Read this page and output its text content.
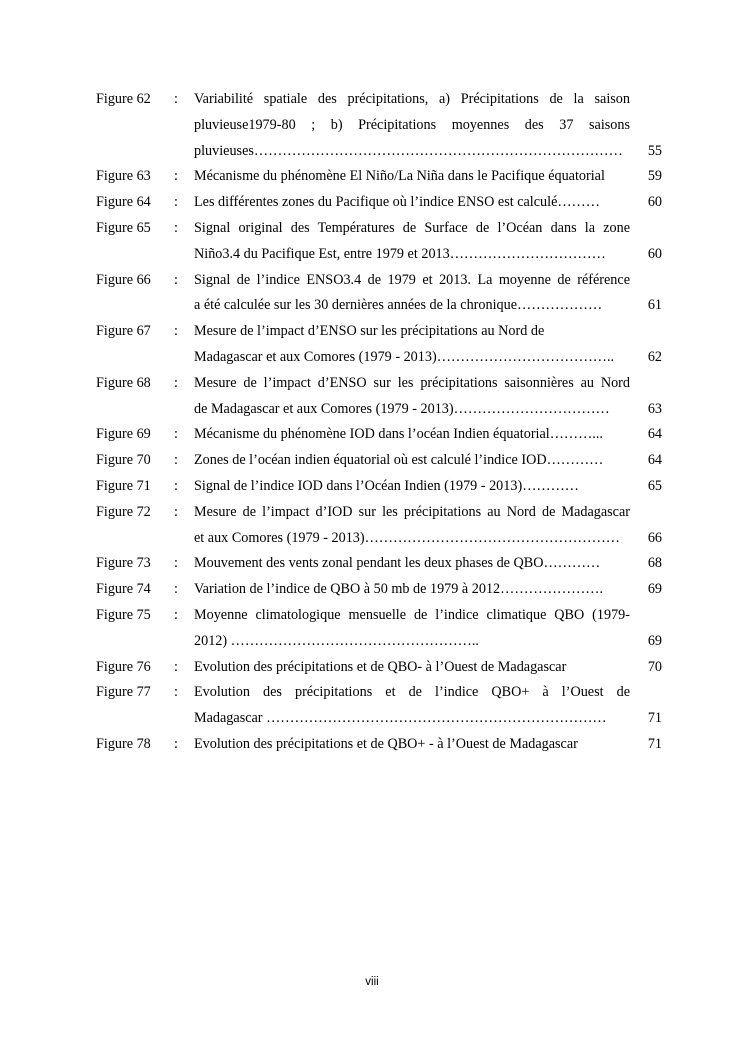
Figure 62	:	Variabilité spatiale des précipitations, a) Précipitations de la saison
pluvieuse1979-80 ; b) Précipitations moyennes des 37 saisons
pluvieuses……………………………………………………………………	55
Figure 63	:	Mécanisme du phénomène El Niño/La Niña dans le Pacifique équatorial	59
Figure 64	:	Les différentes zones du Pacifique où l’indice ENSO est calculé………	60
Figure 65	:	Signal original des Températures de Surface de l’Océan dans la zone
Niño3.4 du Pacifique Est, entre 1979 et 2013……………………………	60
Figure 66	:	Signal de l’indice ENSO3.4 de 1979 et 2013. La moyenne de référence
a été calculée sur les 30 dernières années de la chronique………………	61
Figure 67	:	Mesure de l’impact d’ENSO sur les précipitations au Nord de
Madagascar et aux Comores (1979 - 2013)………………………………..	62
Figure 68	:	Mesure de l’impact d’ENSO sur les précipitations saisonnières au Nord
de Madagascar et aux Comores (1979 - 2013)……………………………	63
Figure 69	:	Mécanisme du phénomène IOD dans l’océan Indien équatorial………...	64
Figure 70	:	Zones de l’océan indien équatorial où est calculé l’indice IOD…………	64
Figure 71	:	Signal de l’indice IOD dans l’Océan Indien (1979 - 2013)…………	65
Figure 72	:	Mesure de l’impact d’IOD sur les précipitations au Nord de Madagascar
et aux Comores (1979 - 2013)………………………………………………	66
Figure 73	:	Mouvement des vents zonal pendant les deux phases de QBO…………	68
Figure 74	:	Variation de l’indice de QBO à 50 mb de 1979 à 2012………………….	69
Figure 75	:	Moyenne climatologique mensuelle de l’indice climatique QBO (1979-
2012) ……………………………………………..	69
Figure 76	:	Evolution des précipitations et de QBO- à l’Ouest de Madagascar	70
Figure 77	:	Evolution des précipitations et de l’indice QBO+ à l’Ouest de
Madagascar ………………………………………………………………	71
Figure 78	:	Evolution des précipitations et de QBO+ - à l’Ouest de Madagascar	71
viii
